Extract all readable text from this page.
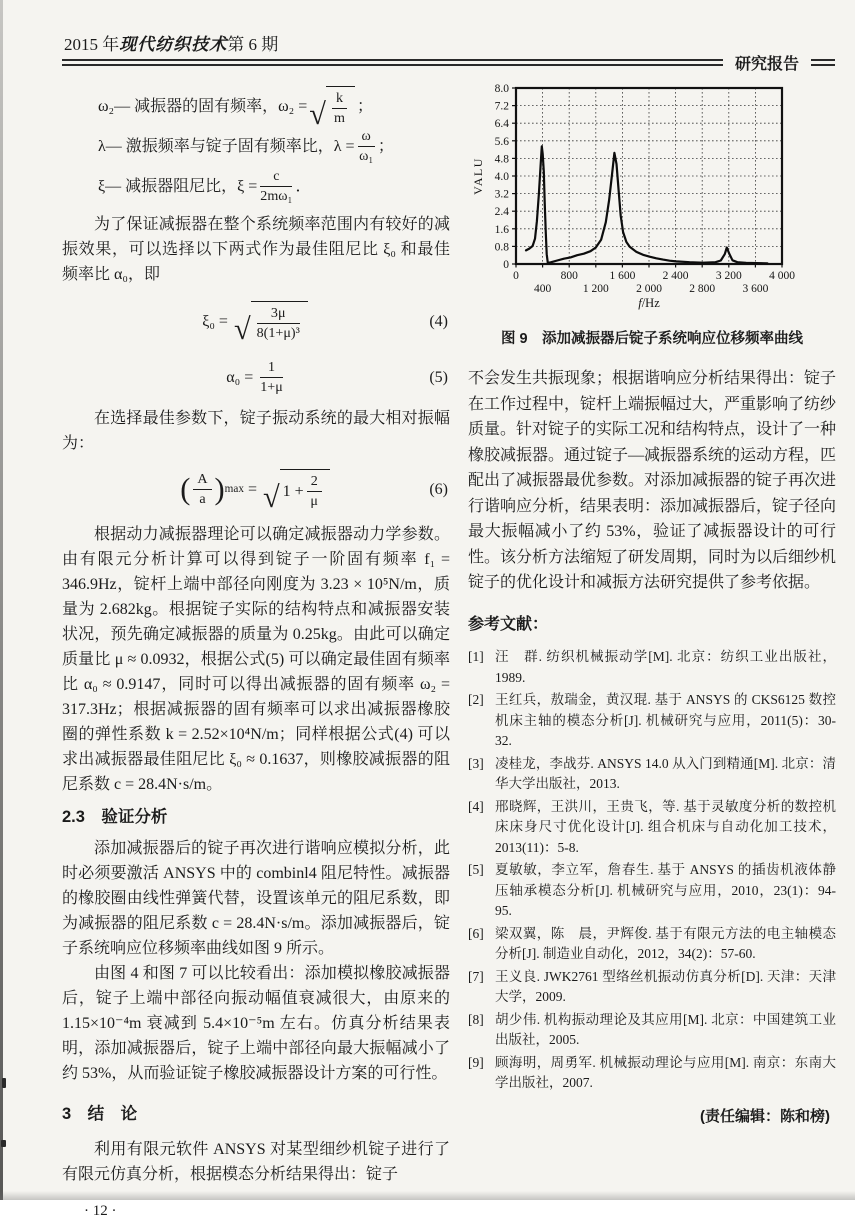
2015 年现代纺织技术第 6 期
研究报告
ω₂— 减振器的固有频率，ω₂ = √ $\frac{k}{m}$ ；
λ— 激振频率与锭子固有频率比，$\lambda = \frac{\omega}{\text{ω₁}}$ ；
ξ— 减振器阻尼比，$\xi = \frac{c}{\text{2mω₁}}$ ．

为了保证减振器在整个系统频率范围内有较好的减振效果，可以选择以下两式作为最佳阻尼比 ξ₀ 和最佳频率比 α₀，即

ξ₀ =
√ $\frac{3\mu}{\text{8(1+μ)³}}$	(4)
α₀ =
$\frac{1}{1+\mu}$	(5)

在选择最佳参数下，锭子振动系统的最大相对振幅为：

( $\frac{A}{a}$ ) max
=
√ $1 + \frac{2}{\mu}$	(6)

根据动力减振器理论可以确定减振器动力学参数。由有限元分析计算可以得到锭子一阶固有频率 f₁ = 346.9Hz，锭杆上端中部径向刚度为 3.23 × 10⁵N/m，质量为 2.682kg。根据锭子实际的结构特点和减振器安装状况，预先确定减振器的质量为 0.25kg。由此可以确定质量比 μ ≈ 0.0932，根据公式(5) 可以确定最佳固有频率比 α₀ ≈ 0.9147，同时可以得出减振器的固有频率 ω₂ = 317.3Hz；根据减振器的固有频率可以求出减振器橡胶圈的弹性系数 k = 2.52×10⁴N/m；同样根据公式(4) 可以求出减振器最佳阻尼比 ξ₀ ≈ 0.1637，则橡胶减振器的阻尼系数 c = 28.4N·s/m。

2.3　验证分析

添加减振器后的锭子再次进行谐响应模拟分析，此时必须要激活 ANSYS 中的 combinl4 阻尼特性。减振器的橡胶圈由线性弹簧代替，设置该单元的阻尼系数，即为减振器的阻尼系数 c = 28.4N·s/m。添加减振器后，锭子系统响应位移频率曲线如图 9 所示。

由图 4 和图 7 可以比较看出：添加模拟橡胶减振器后，锭子上端中部径向振动幅值衰减很大，由原来的 1.15×10⁻⁴m 衰减到 5.4×10⁻⁵m 左右。仿真分析结果表明，添加减振器后，锭子上端中部径向最大振幅减小了约 53%，从而验证锭子橡胶减振器设计方案的可行性。

3　结　论

利用有限元软件 ANSYS 对某型细纱机锭子进行了有限元仿真分析，根据模态分析结果得出：锭子

· 12 ·
0
400
800
1 200
1 600
2 000
2 400
2 800
3 200
3 600
4 000
0
0.8
1.6
2.4
3.2
4.0
4.8
5.6
6.4
7.2
8.0
VALU
f/Hz
图 9　添加减振器后锭子系统响应位移频率曲线

不会发生共振现象；根据谐响应分析结果得出：锭子在工作过程中，锭杆上端振幅过大，严重影响了纺纱质量。针对锭子的实际工况和结构特点，设计了一种橡胶减振器。通过锭子—减振器系统的运动方程，匹配出了减振器最优参数。对添加减振器的锭子再次进行谐响应分析，结果表明：添加减振器后，锭子径向最大振幅减小了约 53%，验证了减振器设计的可行性。该分析方法缩短了研发周期，同时为以后细纱机锭子的优化设计和减振方法研究提供了参考依据。

参考文献：
[1] 汪　群. 纺织机械振动学[M]. 北京：纺织工业出版社，1989.
[2] 王红兵，敖瑞金，黄汉琨. 基于 ANSYS 的 CKS6125 数控机床主轴的模态分析[J]. 机械研究与应用，2011(5)：30-32.
[3] 凌桂龙，李战芬. ANSYS 14.0 从入门到精通[M]. 北京：清华大学出版社，2013.
[4] 邢晓辉，王洪川，王贵飞，等. 基于灵敏度分析的数控机床床身尺寸优化设计[J]. 组合机床与自动化加工技术，2013(11)：5-8.
[5] 夏敏敏，李立军，詹春生. 基于 ANSYS 的插齿机液体静压轴承模态分析[J]. 机械研究与应用，2010，23(1)：94-95.
[6] 梁双翼，陈　晨，尹辉俊. 基于有限元方法的电主轴模态分析[J]. 制造业自动化，2012，34(2)：57-60.
[7] 王义良. JWK2761 型络丝机振动仿真分析[D]. 天津：天津大学，2009.
[8] 胡少伟. 机构振动理论及其应用[M]. 北京：中国建筑工业出版社，2005.
[9] 顾海明，周勇军. 机械振动理论与应用[M]. 南京：东南大学出版社，2007.
(责任编辑：陈和榜)
